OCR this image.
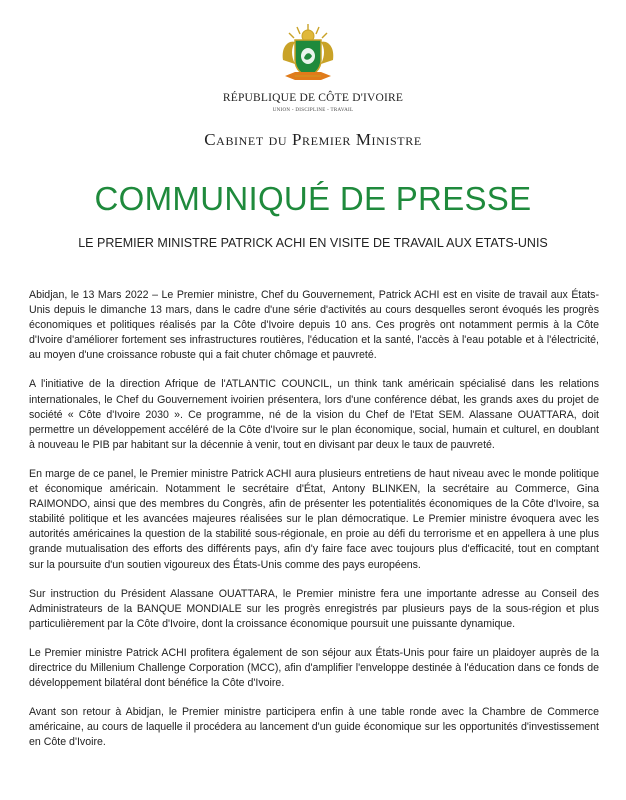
RÉPUBLIQUE DE CÔTE D'IVOIRE
UNION - DISCIPLINE - TRAVAIL
Cabinet du Premier Ministre
COMMUNIQUÉ DE PRESSE
LE PREMIER MINISTRE PATRICK ACHI EN VISITE DE TRAVAIL AUX ETATS-UNIS

Abidjan, le 13 Mars 2022 – Le Premier ministre, Chef du Gouvernement, Patrick ACHI est en visite de travail aux États-Unis depuis le dimanche 13 mars, dans le cadre d'une série d'activités au cours desquelles seront évoqués les progrès économiques et politiques réalisés par la Côte d'Ivoire depuis 10 ans. Ces progrès ont notamment permis à la Côte d'Ivoire d'améliorer fortement ses infrastructures routières, l'éducation et la santé, l'accès à l'eau potable et à l'électricité, au moyen d'une croissance robuste qui a fait chuter chômage et pauvreté.

A l'initiative de la direction Afrique de l'ATLANTIC COUNCIL, un think tank américain spécialisé dans les relations internationales, le Chef du Gouvernement ivoirien présentera, lors d'une conférence débat, les grands axes du projet de société « Côte d'Ivoire 2030 ». Ce programme, né de la vision du Chef de l'Etat SEM. Alassane OUATTARA, doit permettre un développement accéléré de la Côte d'Ivoire sur le plan économique, social, humain et culturel, en doublant à nouveau le PIB par habitant sur la décennie à venir, tout en divisant par deux le taux de pauvreté.

En marge de ce panel, le Premier ministre Patrick ACHI aura plusieurs entretiens de haut niveau avec le monde politique et économique américain. Notamment le secrétaire d'État, Antony BLINKEN, la secrétaire au Commerce, Gina RAIMONDO, ainsi que des membres du Congrès, afin de présenter les potentialités économiques de la Côte d'Ivoire, sa stabilité politique et les avancées majeures réalisées sur le plan démocratique. Le Premier ministre évoquera avec les autorités américaines la question de la stabilité sous-régionale, en proie au défi du terrorisme et en appellera à une plus grande mutualisation des efforts des différents pays, afin d'y faire face avec toujours plus d'efficacité, tout en comptant sur la poursuite d'un soutien vigoureux des États-Unis comme des pays européens.

Sur instruction du Président Alassane OUATTARA, le Premier ministre fera une importante adresse au Conseil des Administrateurs de la BANQUE MONDIALE sur les progrès enregistrés par plusieurs pays de la sous-région et plus particulièrement par la Côte d'Ivoire, dont la croissance économique poursuit une puissante dynamique.

Le Premier ministre Patrick ACHI profitera également de son séjour aux États-Unis pour faire un plaidoyer auprès de la directrice du Millenium Challenge Corporation (MCC), afin d'amplifier l'enveloppe destinée à l'éducation dans ce fonds de développement bilatéral dont bénéfice la Côte d'Ivoire.

Avant son retour à Abidjan, le Premier ministre participera enfin à une table ronde avec la Chambre de Commerce américaine, au cours de laquelle il procédera au lancement d'un guide économique sur les opportunités d'investissement en Côte d'Ivoire.
